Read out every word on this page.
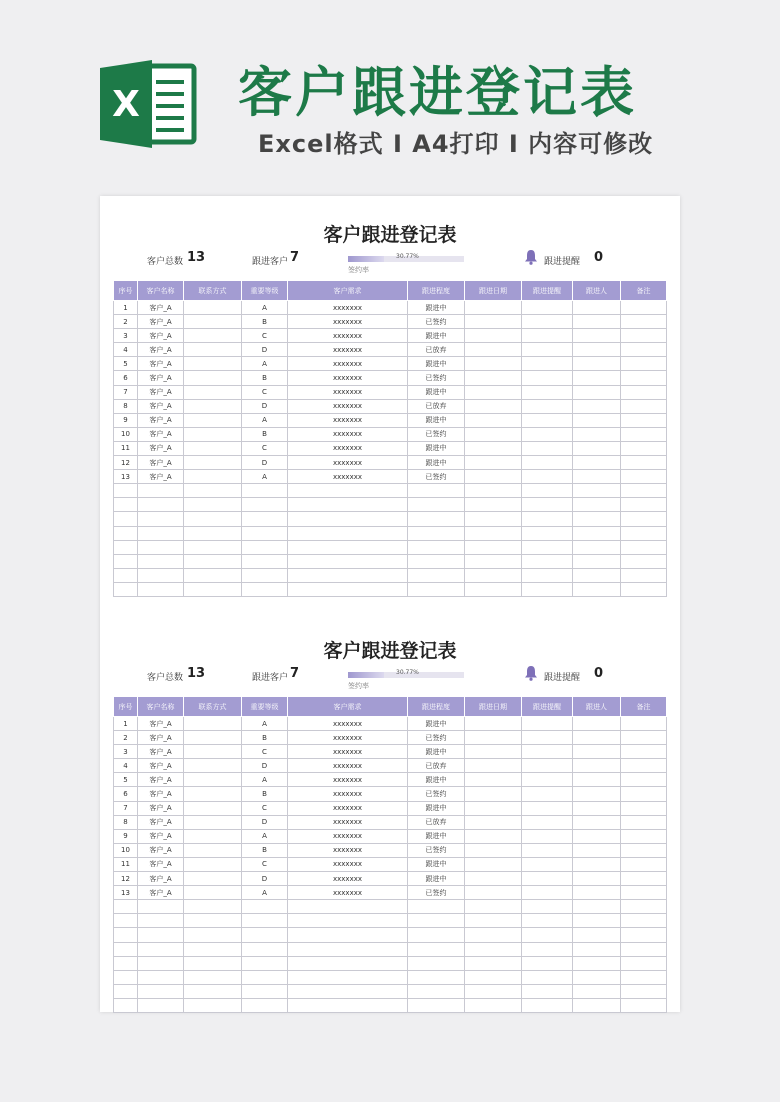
X 客户跟进登记表
Excel格式 I A4打印 I 内容可修改
客户跟进登记表
客户总数 13	跟进客户 7	30.77%
签约率
跟进提醒 0
序号	客户名称	联系方式	重要等级	客户需求	跟进程度	跟进日期	跟进提醒	跟进人	备注
1	客户_A		A	xxxxxxx	跟进中				
2	客户_A		B	xxxxxxx	已签约				
3	客户_A		C	xxxxxxx	跟进中				
4	客户_A		D	xxxxxxx	已放弃				
5	客户_A		A	xxxxxxx	跟进中				
6	客户_A		B	xxxxxxx	已签约				
7	客户_A		C	xxxxxxx	跟进中				
8	客户_A		D	xxxxxxx	已放弃				
9	客户_A		A	xxxxxxx	跟进中				
10	客户_A		B	xxxxxxx	已签约				
11	客户_A		C	xxxxxxx	跟进中				
12	客户_A		D	xxxxxxx	跟进中				
13	客户_A		A	xxxxxxx	已签约				

客户跟进登记表
客户总数 13	跟进客户 7	30.77%
签约率
跟进提醒 0
序号	客户名称	联系方式	重要等级	客户需求	跟进程度	跟进日期	跟进提醒	跟进人	备注
1	客户_A		A	xxxxxxx	跟进中				
2	客户_A		B	xxxxxxx	已签约				
3	客户_A		C	xxxxxxx	跟进中				
4	客户_A		D	xxxxxxx	已放弃				
5	客户_A		A	xxxxxxx	跟进中				
6	客户_A		B	xxxxxxx	已签约				
7	客户_A		C	xxxxxxx	跟进中				
8	客户_A		D	xxxxxxx	已放弃				
9	客户_A		A	xxxxxxx	跟进中				
10	客户_A		B	xxxxxxx	已签约				
11	客户_A		C	xxxxxxx	跟进中				
12	客户_A		D	xxxxxxx	跟进中				
13	客户_A		A	xxxxxxx	已签约				
